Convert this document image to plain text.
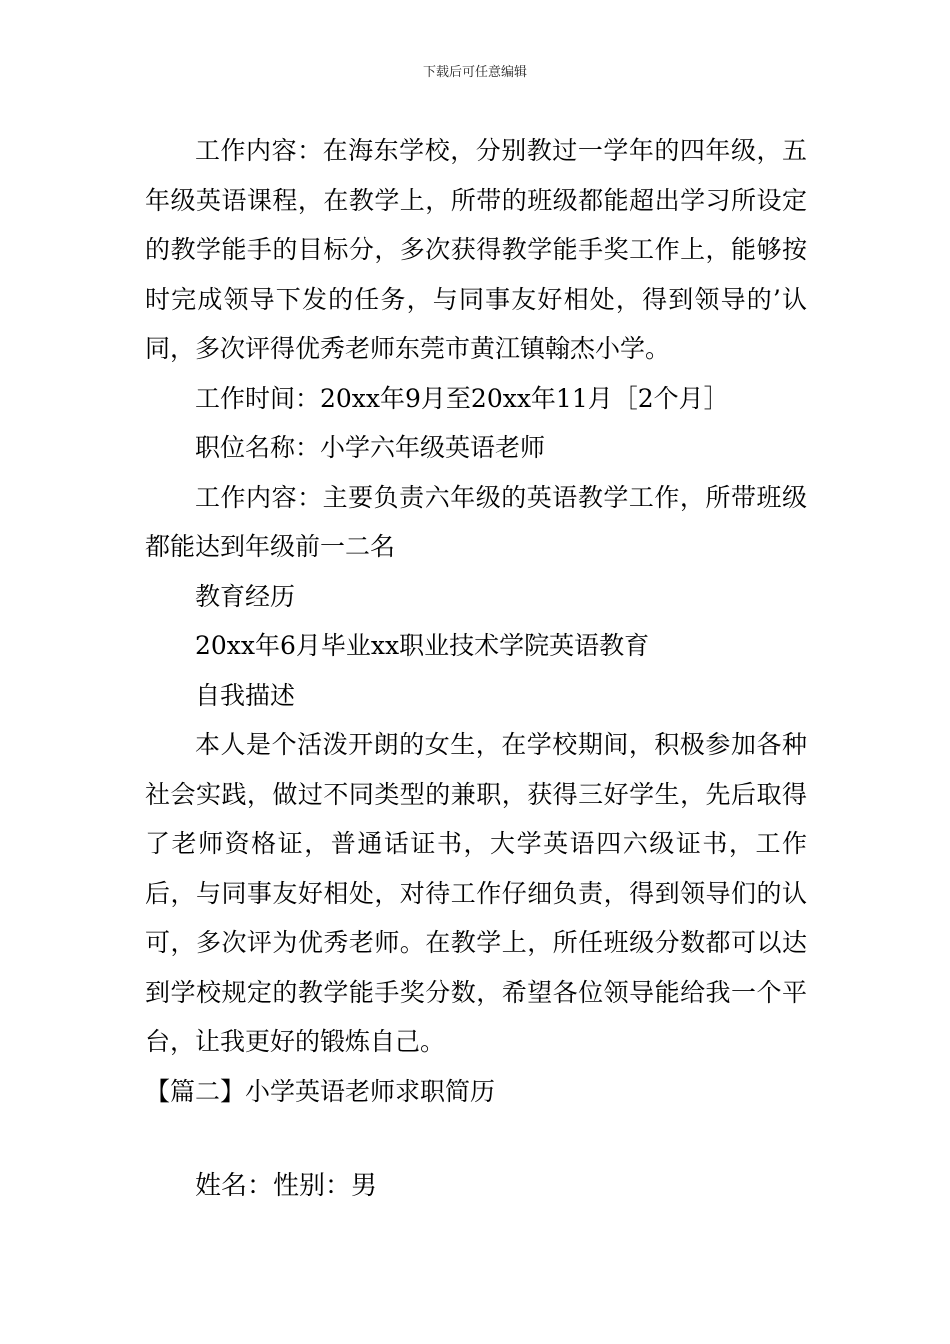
下载后可任意编辑

工作内容：在海东学校，分别教过一学年的四年级，五年级英语课程，在教学上，所带的班级都能超出学习所设定的教学能手的目标分，多次获得教学能手奖工作上，能够按时完成领导下发的任务，与同事友好相处，得到领导的’认同，多次评得优秀老师东莞市黄江镇翰杰小学。

工作时间：20xx年9月至20xx年11月［2个月］

职位名称：小学六年级英语老师

工作内容：主要负责六年级的英语教学工作，所带班级都能达到年级前一二名

教育经历

20xx年6月毕业xx职业技术学院英语教育

自我描述

本人是个活泼开朗的女生，在学校期间，积极参加各种社会实践，做过不同类型的兼职，获得三好学生，先后取得了老师资格证，普通话证书，大学英语四六级证书，工作后，与同事友好相处，对待工作仔细负责，得到领导们的认可，多次评为优秀老师。在教学上，所任班级分数都可以达到学校规定的教学能手奖分数，希望各位领导能给我一个平台，让我更好的锻炼自己。

【篇二】小学英语老师求职简历

姓名：性别：男
